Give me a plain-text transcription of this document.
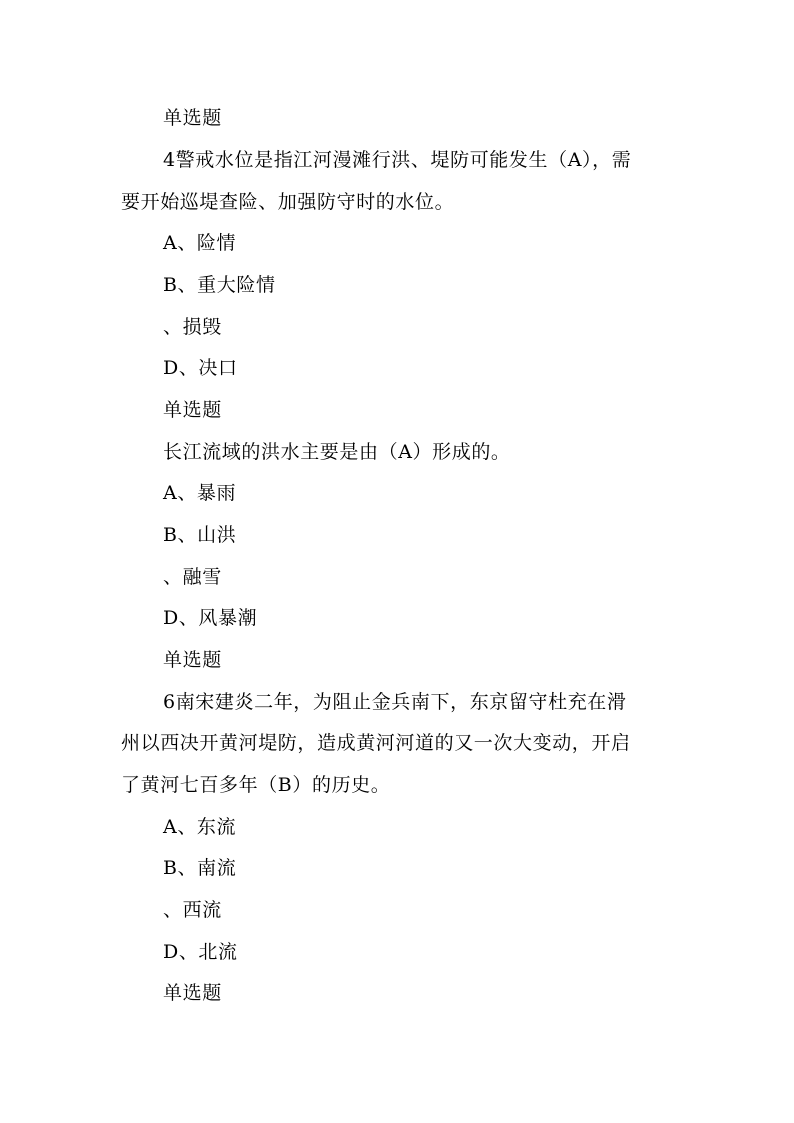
单选题
4警戒水位是指江河漫滩行洪、堤防可能发生（A），需
要开始巡堤查险、加强防守时的水位。
A、险情
B、重大险情
、损毁
D、决口
单选题
长江流域的洪水主要是由（A）形成的。
A、暴雨
B、山洪
、融雪
D、风暴潮
单选题
6南宋建炎二年，为阻止金兵南下，东京留守杜充在滑
州以西决开黄河堤防，造成黄河河道的又一次大变动，开启
了黄河七百多年（B）的历史。
A、东流
B、南流
、西流
D、北流
单选题
